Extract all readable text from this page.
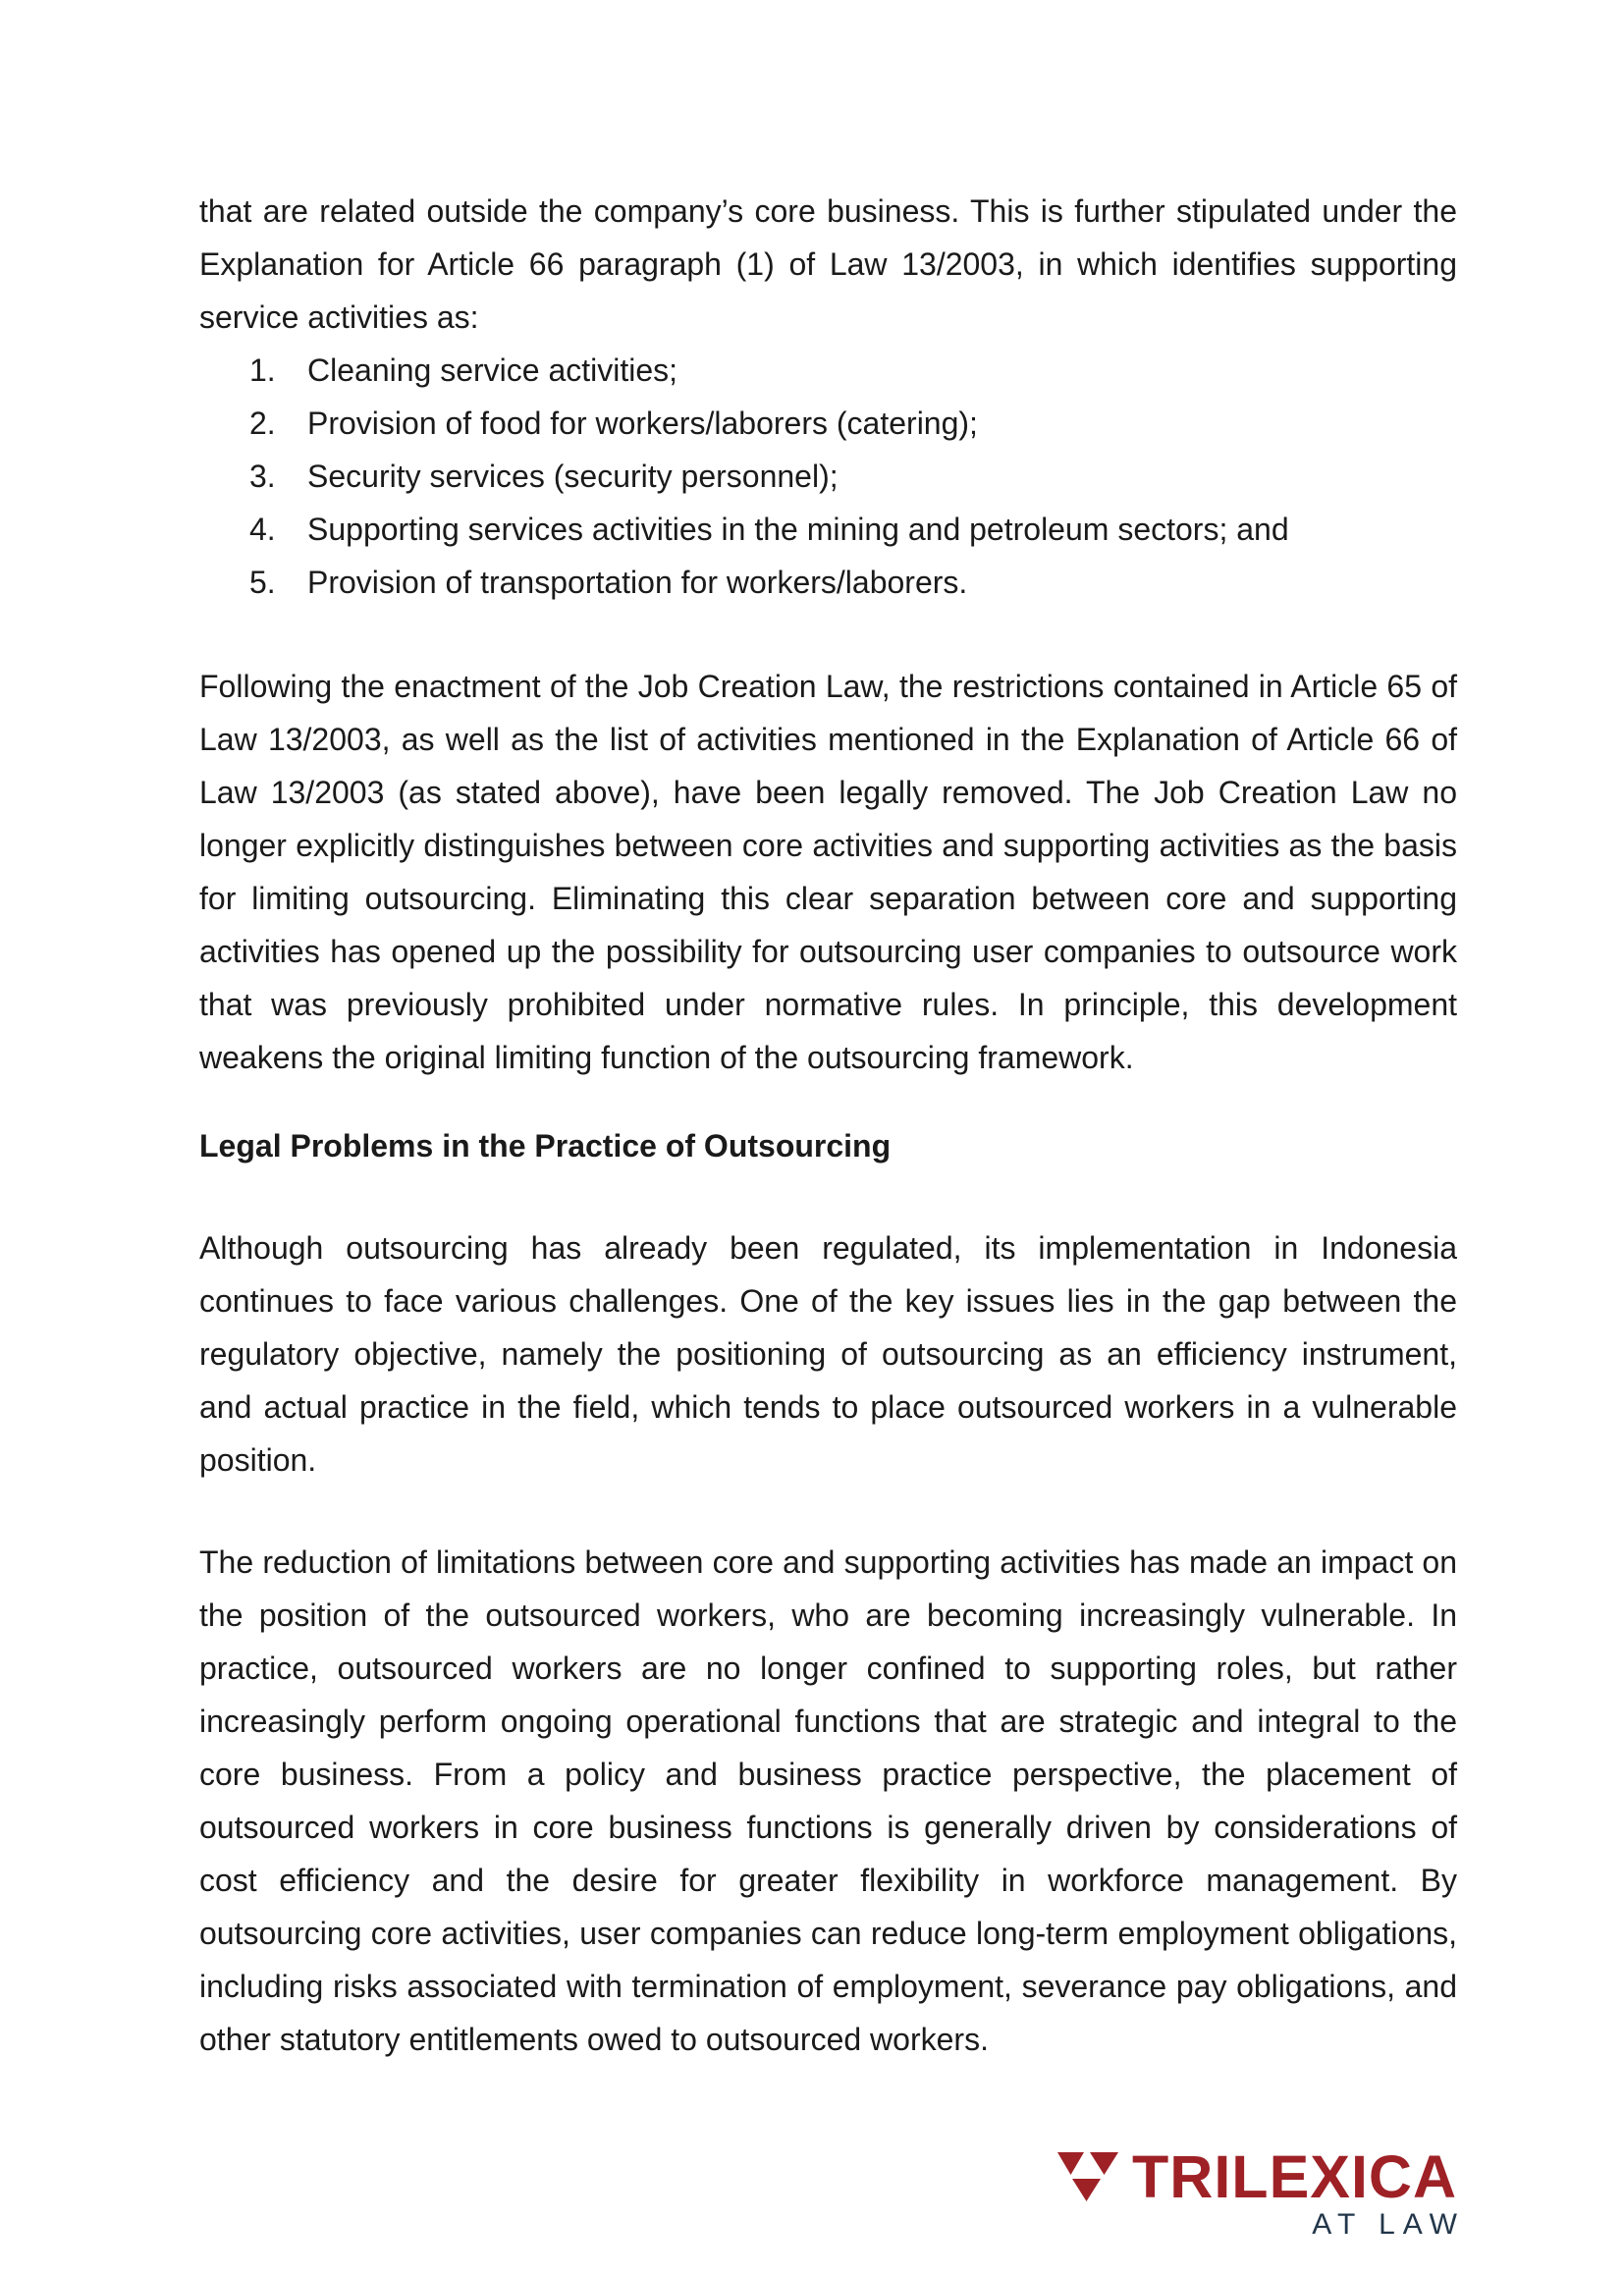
that are related outside the company’s core business. This is further stipulated under the Explanation for Article 66 paragraph (1) of Law 13/2003, in which identifies supporting service activities as:

1. Cleaning service activities;
2. Provision of food for workers/laborers (catering);
3. Security services (security personnel);
4. Supporting services activities in the mining and petroleum sectors; and
5. Provision of transportation for workers/laborers.

Following the enactment of the Job Creation Law, the restrictions contained in Article 65 of Law 13/2003, as well as the list of activities mentioned in the Explanation of Article 66 of Law 13/2003 (as stated above), have been legally removed. The Job Creation Law no longer explicitly distinguishes between core activities and supporting activities as the basis for limiting outsourcing. Eliminating this clear separation between core and supporting activities has opened up the possibility for outsourcing user companies to outsource work that was previously prohibited under normative rules. In principle, this development weakens the original limiting function of the outsourcing framework.

Legal Problems in the Practice of Outsourcing

Although outsourcing has already been regulated, its implementation in Indonesia continues to face various challenges. One of the key issues lies in the gap between the regulatory objective, namely the positioning of outsourcing as an efficiency instrument, and actual practice in the field, which tends to place outsourced workers in a vulnerable position.

The reduction of limitations between core and supporting activities has made an impact on the position of the outsourced workers, who are becoming increasingly vulnerable. In practice, outsourced workers are no longer confined to supporting roles, but rather increasingly perform ongoing operational functions that are strategic and integral to the core business. From a policy and business practice perspective, the placement of outsourced workers in core business functions is generally driven by considerations of cost efficiency and the desire for greater flexibility in workforce management. By outsourcing core activities, user companies can reduce long-term employment obligations, including risks associated with termination of employment, severance pay obligations, and other statutory entitlements owed to outsourced workers.

TRILEXICA
AT LAW
